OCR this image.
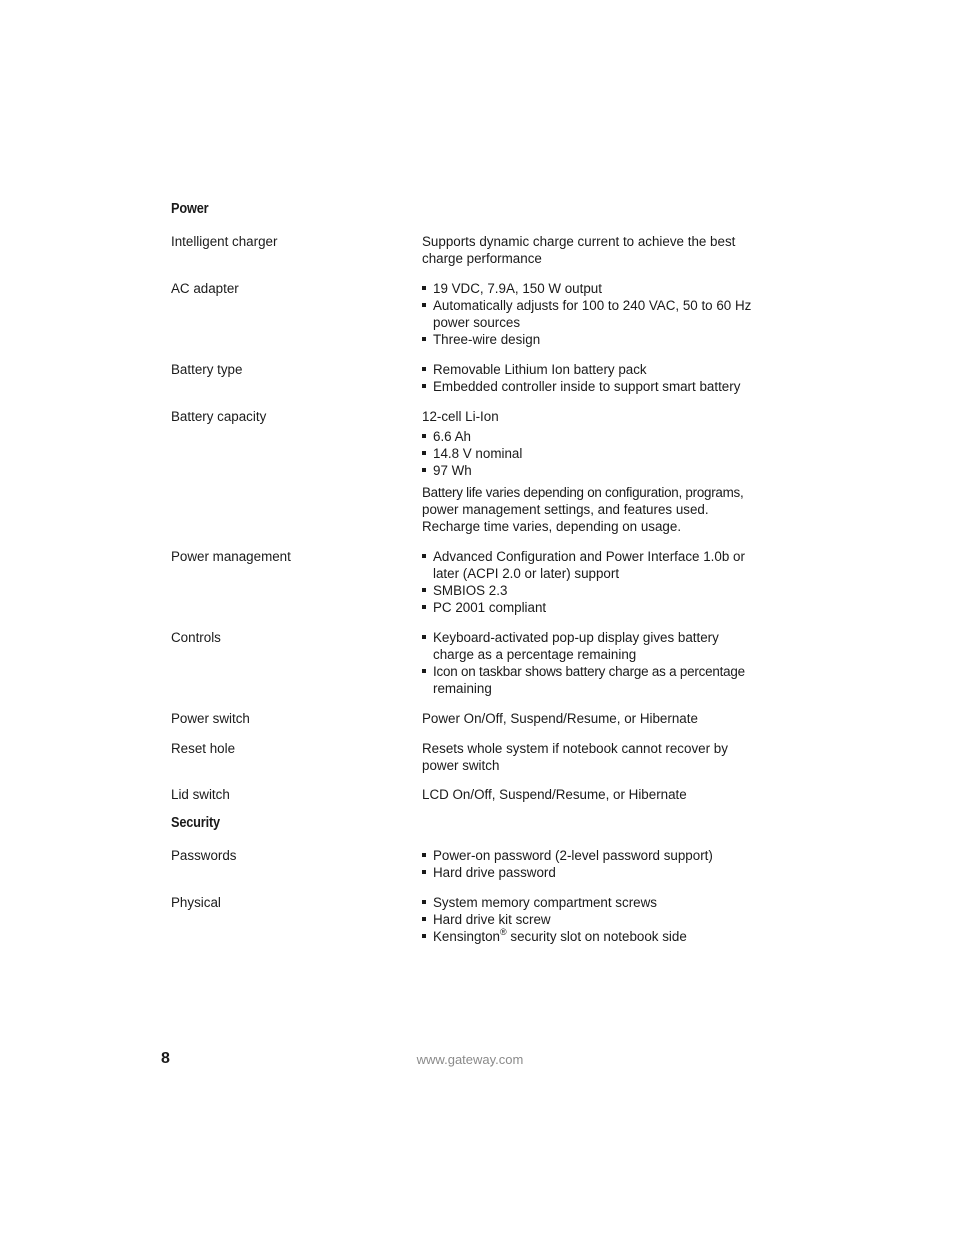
Power
Intelligent charger	Supports dynamic charge current to achieve the best

charge performance

AC adapter	19 VDC, 7.9A, 150 W output
Automatically adjusts for 100 to 240 VAC, 50 to 60 Hz
power sources
Three-wire design
Battery type	Removable Lithium Ion battery pack
Embedded controller inside to support smart battery
Battery capacity	12-cell Li-Ion

6.6 Ah
14.8 V nominal
97 Wh

Battery life varies depending on configuration, programs,

power management settings, and features used.

Recharge time varies, depending on usage.

Power management	Advanced Configuration and Power Interface 1.0b or
later (ACPI 2.0 or later) support
SMBIOS 2.3
PC 2001 compliant
Controls	Keyboard-activated pop-up display gives battery
charge as a percentage remaining
Icon on taskbar shows battery charge as a percentage
remaining
Power switch	Power On/Off, Suspend/Resume, or Hibernate
Reset hole	Resets whole system if notebook cannot recover by

power switch

Lid switch	LCD On/Off, Suspend/Resume, or Hibernate
Security
Passwords	Power-on password (2-level password support)
Hard drive password
Physical	System memory compartment screws
Hard drive kit screw
Kensington® security slot on notebook side
8	www.gateway.com
